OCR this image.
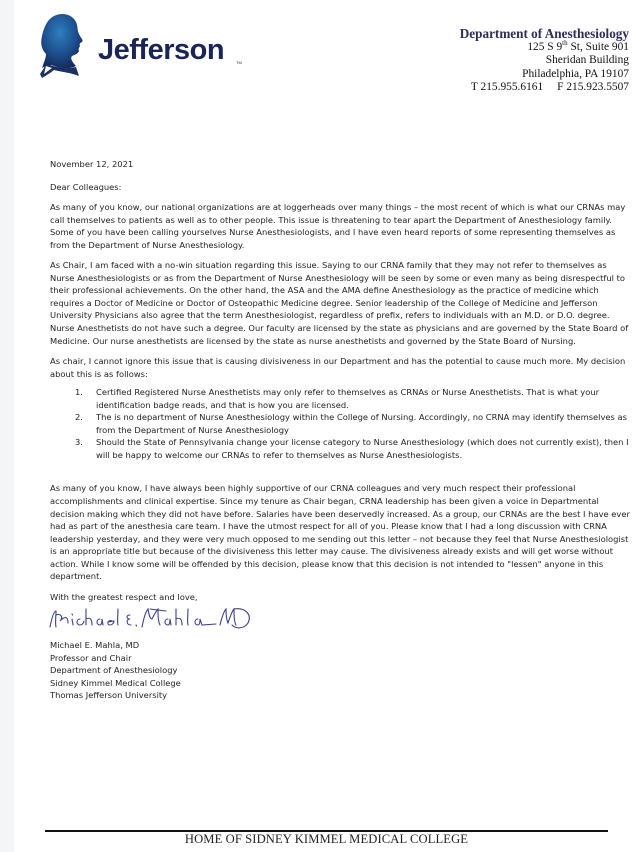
Jefferson	TM
Department of Anesthesiology
125 S 9th St, Suite 901
Sheridan Building
Philadelphia, PA 19107
T 215.955.6161 F 215.923.5507

November 12, 2021

Dear Colleagues:

As many of you know, our national organizations are at loggerheads over many things – the most recent of which is what our CRNAs may call themselves to patients as well as to other people. This issue is threatening to tear apart the Department of Anesthesiology family. Some of you have been calling yourselves Nurse Anesthesiologists, and I have even heard reports of some representing themselves as from the Department of Nurse Anesthesiology.

As Chair, I am faced with a no-win situation regarding this issue. Saying to our CRNA family that they may not refer to themselves as Nurse Anesthesiologists or as from the Department of Nurse Anesthesiology will be seen by some or even many as being disrespectful to their professional achievements. On the other hand, the ASA and the AMA define Anesthesiology as the practice of medicine which requires a Doctor of Medicine or Doctor of Osteopathic Medicine degree. Senior leadership of the College of Medicine and Jefferson University Physicians also agree that the term Anesthesiologist, regardless of prefix, refers to individuals with an M.D. or D.O. degree. Nurse Anesthetists do not have such a degree. Our faculty are licensed by the state as physicians and are governed by the State Board of Medicine. Our nurse anesthetists are licensed by the state as nurse anesthetists and governed by the State Board of Nursing.

As chair, I cannot ignore this issue that is causing divisiveness in our Department and has the potential to cause much more. My decision about this is as follows:

1. Certified Registered Nurse Anesthetists may only refer to themselves as CRNAs or Nurse Anesthetists. That is what your identification badge reads, and that is how you are licensed.
2. The is no department of Nurse Anesthesiology within the College of Nursing. Accordingly, no CRNA may identify themselves as from the Department of Nurse Anesthesiology
3. Should the State of Pennsylvania change your license category to Nurse Anesthesiology (which does not currently exist), then I will be happy to welcome our CRNAs to refer to themselves as Nurse Anesthesiologists.

As many of you know, I have always been highly supportive of our CRNA colleagues and very much respect their professional accomplishments and clinical expertise. Since my tenure as Chair began, CRNA leadership has been given a voice in Departmental decision making which they did not have before. Salaries have been deservedly increased. As a group, our CRNAs are the best I have ever had as part of the anesthesia care team. I have the utmost respect for all of you. Please know that I had a long discussion with CRNA leadership yesterday, and they were very much opposed to me sending out this letter – not because they feel that Nurse Anesthesiologist is an appropriate title but because of the divisiveness this letter may cause. The divisiveness already exists and will get worse without action. While I know some will be offended by this decision, please know that this decision is not intended to "lessen" anyone in this department.

With the greatest respect and love,

Michael E. Mahla, MD
Professor and Chair
Department of Anesthesiology
Sidney Kimmel Medical College
Thomas Jefferson University
HOME OF SIDNEY KIMMEL MEDICAL COLLEGE
